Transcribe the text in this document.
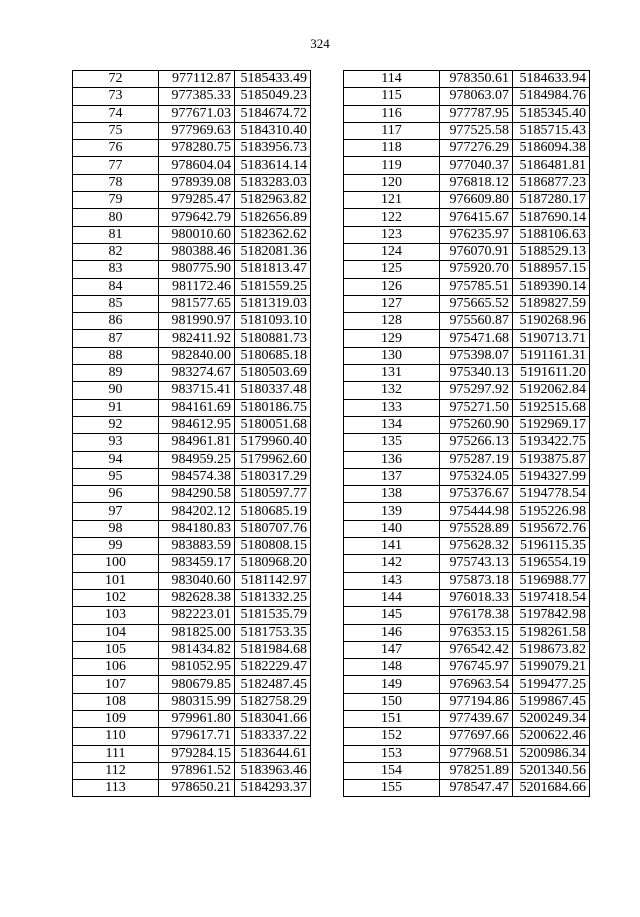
324
72	977112.87	5185433.49
73	977385.33	5185049.23
74	977671.03	5184674.72
75	977969.63	5184310.40
76	978280.75	5183956.73
77	978604.04	5183614.14
78	978939.08	5183283.03
79	979285.47	5182963.82
80	979642.79	5182656.89
81	980010.60	5182362.62
82	980388.46	5182081.36
83	980775.90	5181813.47
84	981172.46	5181559.25
85	981577.65	5181319.03
86	981990.97	5181093.10
87	982411.92	5180881.73
88	982840.00	5180685.18
89	983274.67	5180503.69
90	983715.41	5180337.48
91	984161.69	5180186.75
92	984612.95	5180051.68
93	984961.81	5179960.40
94	984959.25	5179962.60
95	984574.38	5180317.29
96	984290.58	5180597.77
97	984202.12	5180685.19
98	984180.83	5180707.76
99	983883.59	5180808.15
100	983459.17	5180968.20
101	983040.60	5181142.97
102	982628.38	5181332.25
103	982223.01	5181535.79
104	981825.00	5181753.35
105	981434.82	5181984.68
106	981052.95	5182229.47
107	980679.85	5182487.45
108	980315.99	5182758.29
109	979961.80	5183041.66
110	979617.71	5183337.22
111	979284.15	5183644.61
112	978961.52	5183963.46
113	978650.21	5184293.37
114	978350.61	5184633.94
115	978063.07	5184984.76
116	977787.95	5185345.40
117	977525.58	5185715.43
118	977276.29	5186094.38
119	977040.37	5186481.81
120	976818.12	5186877.23
121	976609.80	5187280.17
122	976415.67	5187690.14
123	976235.97	5188106.63
124	976070.91	5188529.13
125	975920.70	5188957.15
126	975785.51	5189390.14
127	975665.52	5189827.59
128	975560.87	5190268.96
129	975471.68	5190713.71
130	975398.07	5191161.31
131	975340.13	5191611.20
132	975297.92	5192062.84
133	975271.50	5192515.68
134	975260.90	5192969.17
135	975266.13	5193422.75
136	975287.19	5193875.87
137	975324.05	5194327.99
138	975376.67	5194778.54
139	975444.98	5195226.98
140	975528.89	5195672.76
141	975628.32	5196115.35
142	975743.13	5196554.19
143	975873.18	5196988.77
144	976018.33	5197418.54
145	976178.38	5197842.98
146	976353.15	5198261.58
147	976542.42	5198673.82
148	976745.97	5199079.21
149	976963.54	5199477.25
150	977194.86	5199867.45
151	977439.67	5200249.34
152	977697.66	5200622.46
153	977968.51	5200986.34
154	978251.89	5201340.56
155	978547.47	5201684.66
